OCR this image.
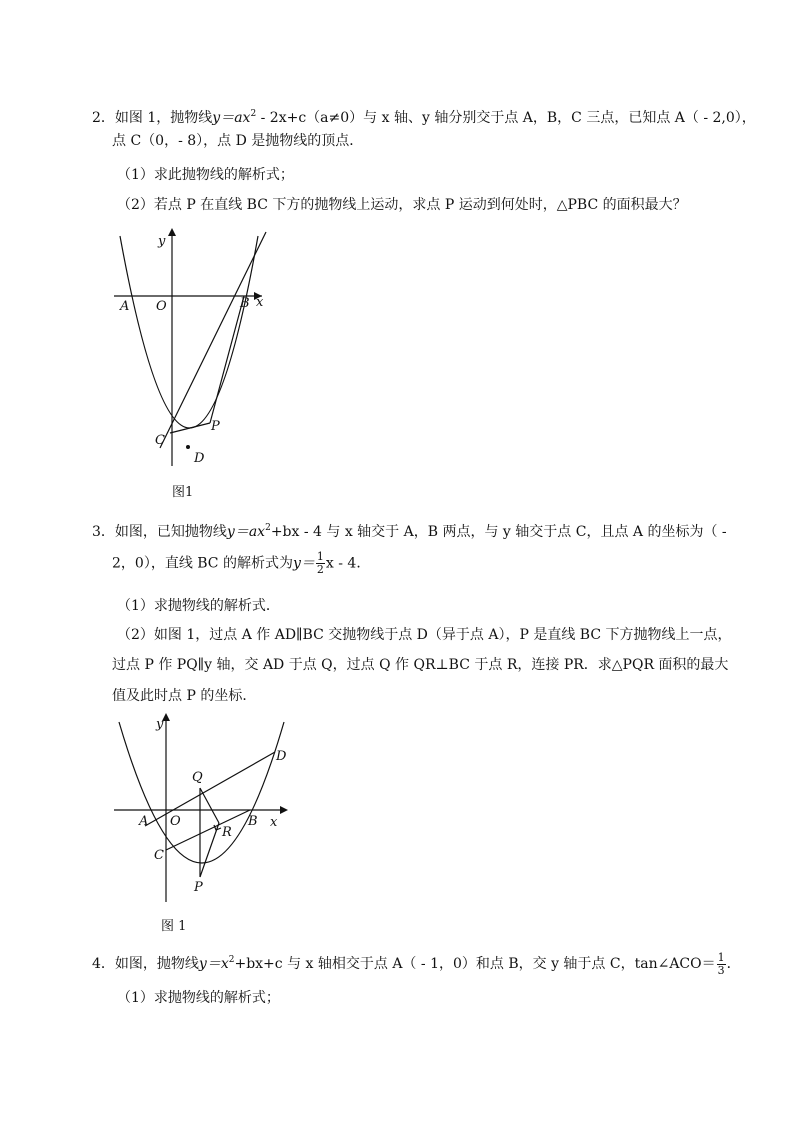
2．如图 1，抛物线$y=ax^2 - 2x+c(a\ne 0)$与 x 轴、y 轴分别交于点 A，B，C 三点，已知点 A（ - 2,0），
点 C（0，- 8），点 D 是抛物线的顶点．
（1）求此抛物线的解析式；
（2）若点 P 在直线 BC 下方的抛物线上运动，求点 P 运动到何处时，△PBC 的面积最大？
y
x
A O	B
C
P
D
图1
3．如图，已知抛物线$y=ax^2+bx - 4$ 与 x 轴交于 A，B 两点，与 y 轴交于点 C，且点 A 的坐标为（ -
2，0），直线 BC 的解析式为$y= \frac{1}{2}$ x - 4．
（1）求抛物线的解析式．
（2）如图 1，过点 A 作 AD∥BC 交抛物线于点 D（异于点 A），P 是直线 BC 下方抛物线上一点，
过点 P 作 PQ∥y 轴，交 AD 于点 Q，过点 Q 作 QR⊥BC 于点 R，连接 PR．求△PQR 面积的最大
值及此时点 P 的坐标．
y
x
A O	B
C
P
Q
R
D
图 1
4．如图，抛物线$y=x^2+bx+c$ 与 x 轴相交于点 A（ - 1，0）和点 B，交 y 轴于点 C，tan∠ACO＝ $\frac{1}{3}$ ．
（1）求抛物线的解析式；
